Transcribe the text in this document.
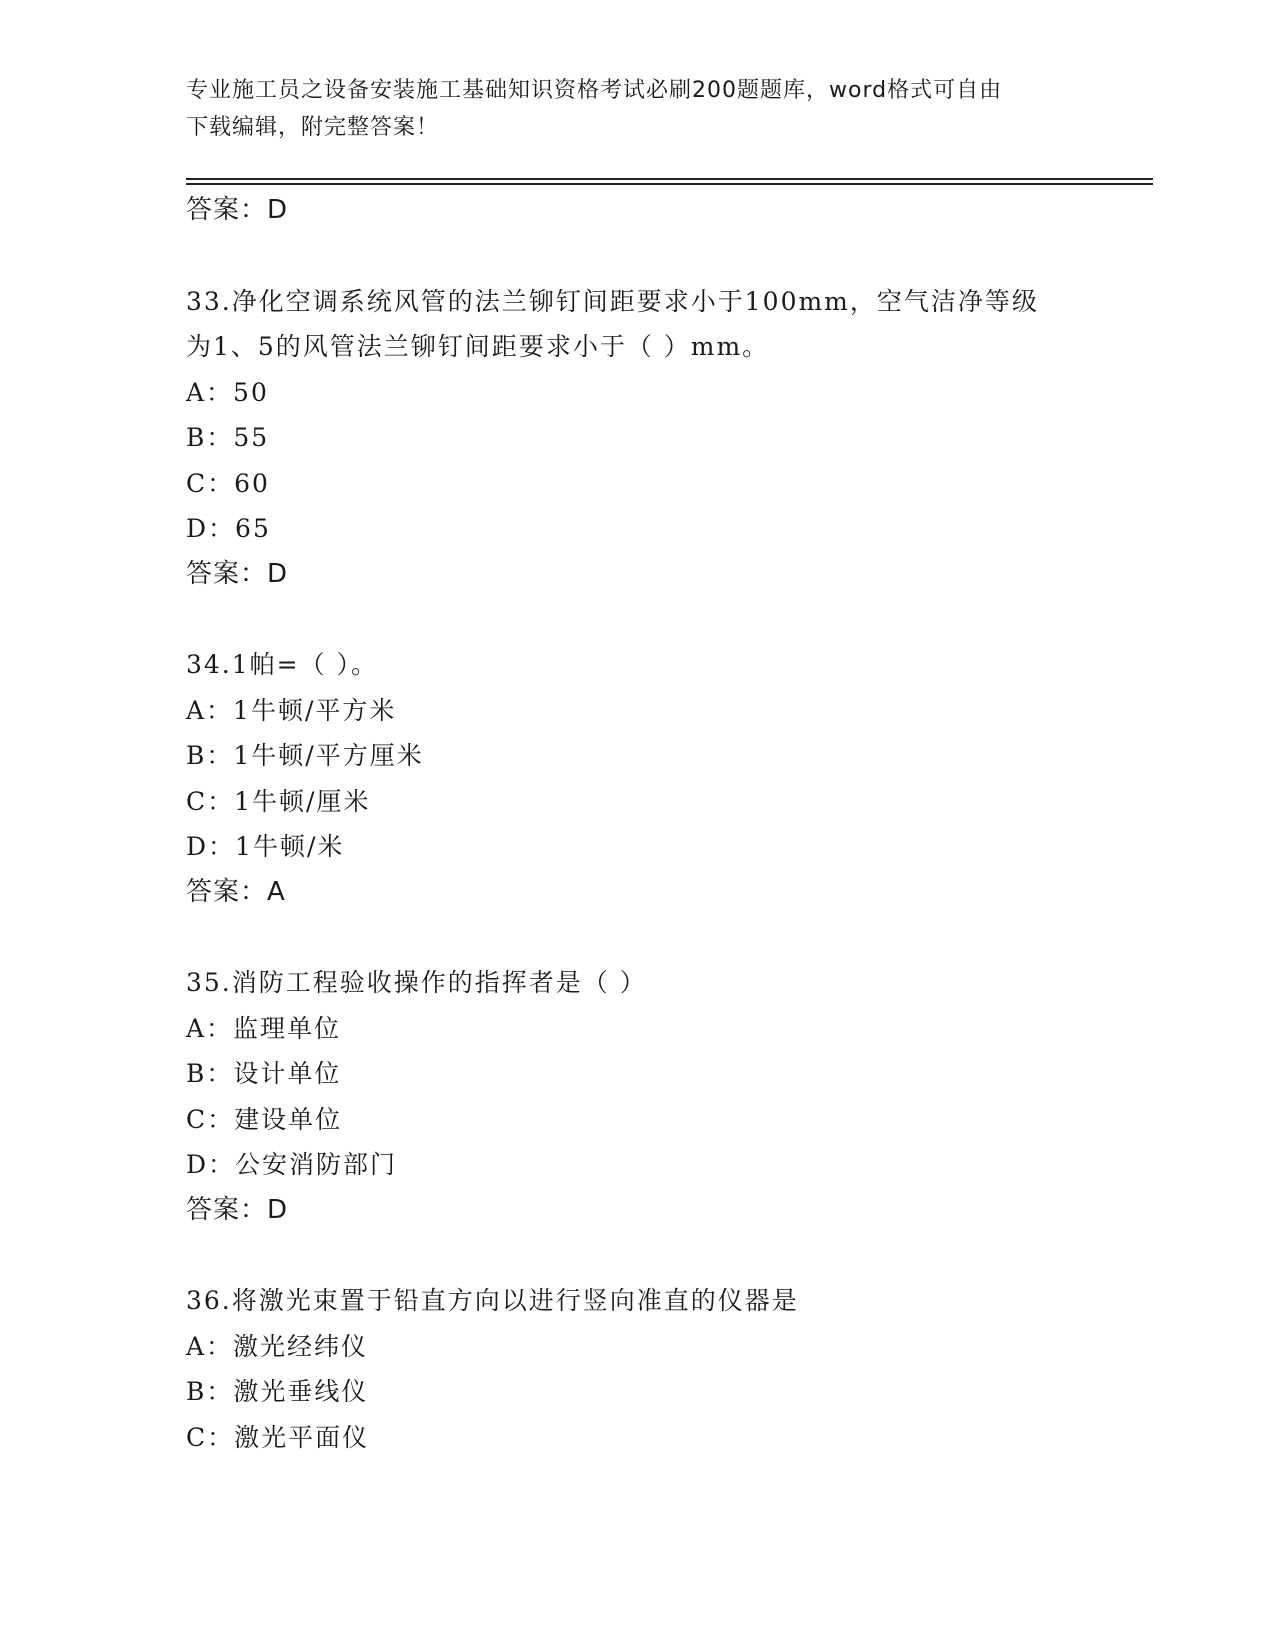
专业施工员之设备安装施工基础知识资格考试必刷200题题库，word格式可自由
下载编辑，附完整答案！
答案：D
33.净化空调系统风管的法兰铆钉间距要求小于100mm，空气洁净等级
为1、5的风管法兰铆钉间距要求小于（ ）mm。
A：50
B：55
C：60
D：65
答案：D
34.1帕=（ ）。
A：1牛顿/平方米
B：1牛顿/平方厘米
C：1牛顿/厘米
D：1牛顿/米
答案：A
35.消防工程验收操作的指挥者是（ ）
A：监理单位
B：设计单位
C：建设单位
D：公安消防部门
答案：D
36.将激光束置于铅直方向以进行竖向准直的仪器是
A：激光经纬仪
B：激光垂线仪
C：激光平面仪
